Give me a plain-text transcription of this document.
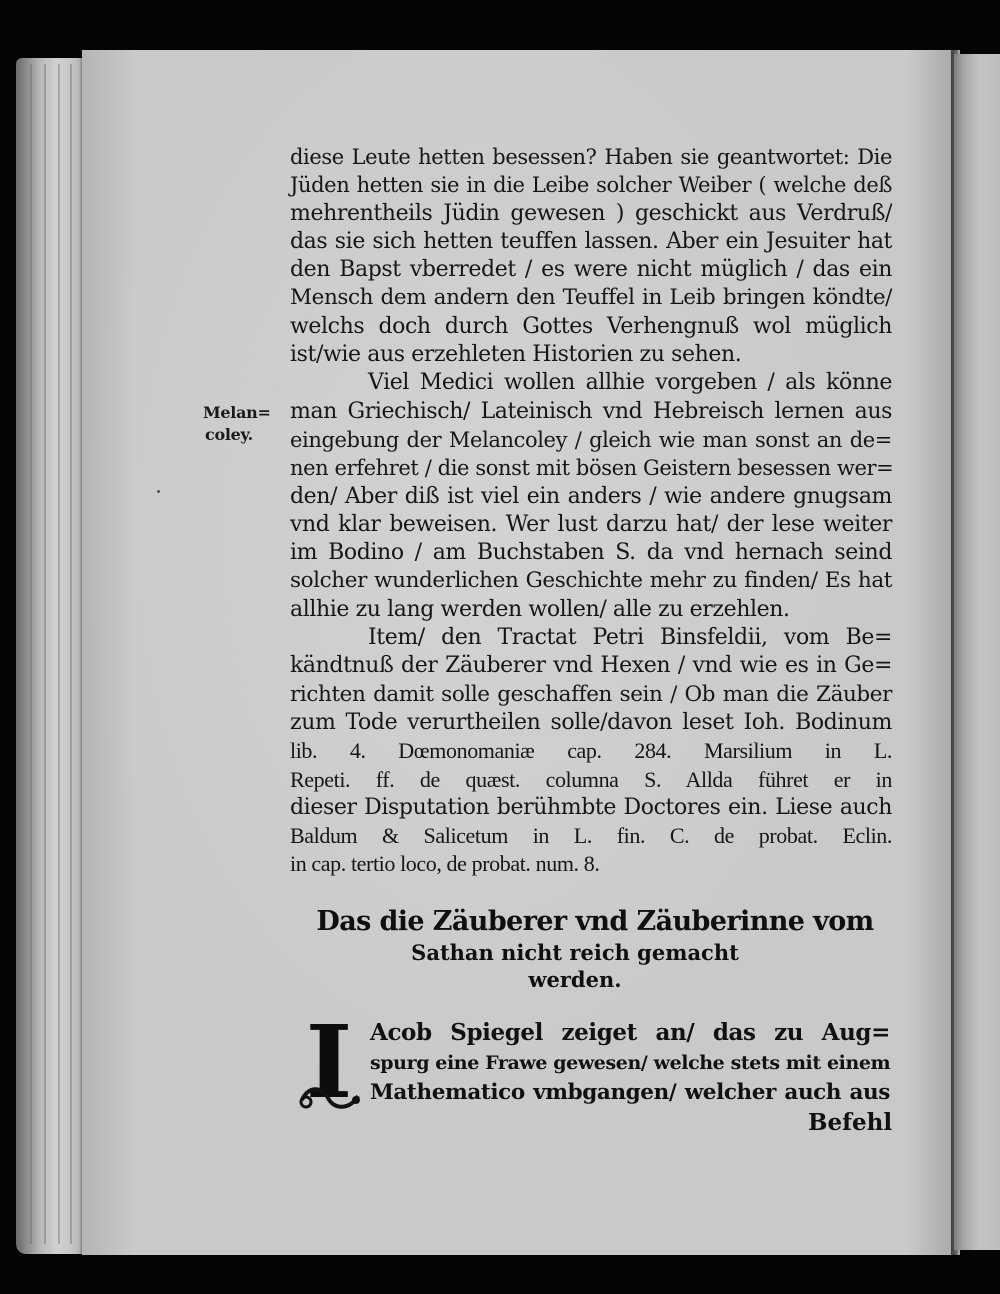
Melan=
coley.
diese Leute hetten besessen? Haben sie geantwortet: Die
Jüden hetten sie in die Leibe solcher Weiber ( welche deß
mehrentheils Jüdin gewesen ) geschickt aus Verdruß/
das sie sich hetten teuffen lassen. Aber ein Jesuiter hat
den Bapst vberredet / es were nicht müglich / das ein
Mensch dem andern den Teuffel in Leib bringen köndte/
welchs doch durch Gottes Verhengnuß wol müglich
ist/wie aus erzehleten Historien zu sehen.
Viel Medici wollen allhie vorgeben / als könne
man Griechisch/ Lateinisch vnd Hebreisch lernen aus
eingebung der Melancoley / gleich wie man sonst an de=
nen erfehret / die sonst mit bösen Geistern besessen wer=
den/ Aber diß ist viel ein anders / wie andere gnugsam
vnd klar beweisen. Wer lust darzu hat/ der lese weiter
im Bodino / am Buchstaben S. da vnd hernach seind
solcher wunderlichen Geschichte mehr zu finden/ Es hat
allhie zu lang werden wollen/ alle zu erzehlen.
Item/ den Tractat Petri Binsfeldii, vom Be=
kändtnuß der Zäuberer vnd Hexen / vnd wie es in Ge=
richten damit solle geschaffen sein / Ob man die Zäuber
zum Tode verurtheilen solle/davon leset Ioh. Bodinum
lib. 4. Dœmonomaniæ cap. 284. Marsilium in L.
Repeti. ff. de quæst. columna S. Allda führet er in
dieser Disputation berühmbte Doctores ein. Liese auch
Baldum & Salicetum in L. fin. C. de probat. Eclin.
in cap. tertio loco, de probat. num. 8.
Das die Zäuberer vnd Zäuberinne vom
Sathan nicht reich gemacht
werden.
I Acob Spiegel zeiget an/ das zu Aug=
spurg eine Frawe gewesen/ welche stets mit einem
Mathematico vmbgangen/ welcher auch aus
Befehl
